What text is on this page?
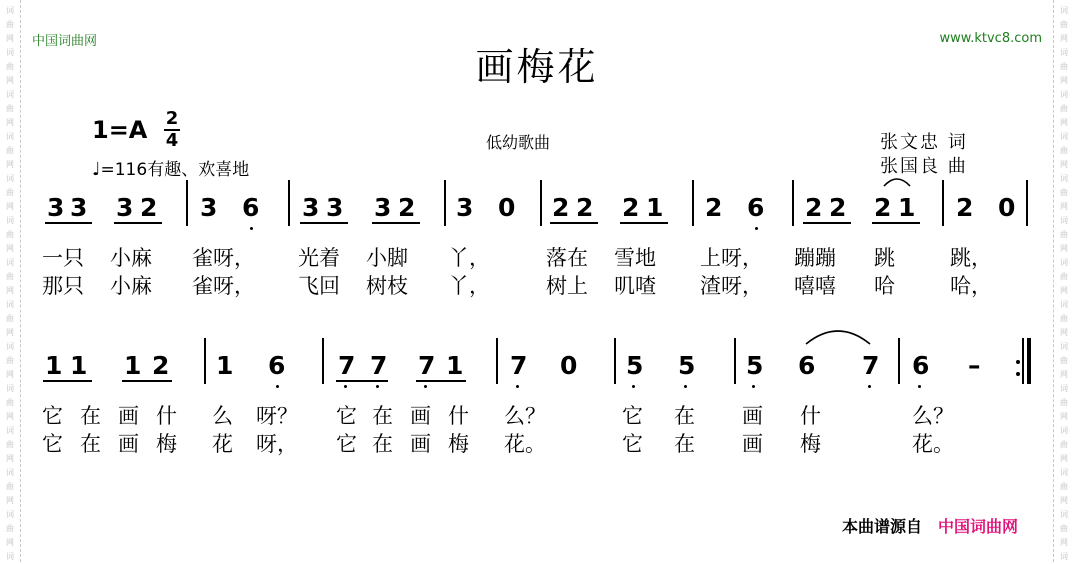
词
曲
网
词
曲
网
词
曲
网
词
曲
网
词
曲
网
词
曲
网
词
曲
网
词
曲
网
词
曲
网
词
曲
网
词
曲
网
词
曲
网
词
曲
网
词
词
曲
网
词
曲
网
词
曲
网
词
曲
网
词
曲
网
词
曲
网
词
曲
网
词
曲
网
词
曲
网
词
曲
网
词
曲
网
词
曲
网
词
曲
网
词
中国词曲网	www.ktvc8.com
画梅花
1=A 2
4
♩=116有趣、欢喜地
低幼歌曲	张文忠 词
张国良 曲
3 3 3 2 3 6 3 3 3 2 3 0 2 2 2 1 2 6 2 2 2 1 2 0
一只 小麻 雀呀， 光着 小脚 丫，	落在 雪地 上呀， 蹦蹦 跳	跳，
那只 小麻 雀呀， 飞回 树枝 丫，	树上 叽喳 渣呀， 嘻嘻 哈	哈，
1 1 1 2 1 6 7 7 7 1 7 0 5 5 5 6 7 6 –
它 在 画 什 么 呀？ 它 在 画 什 么？	它 在 画 什	么？
它 在 画 梅 花 呀， 它 在 画 梅 花。	它 在 画 梅	花。
本曲谱源自 中国词曲网
